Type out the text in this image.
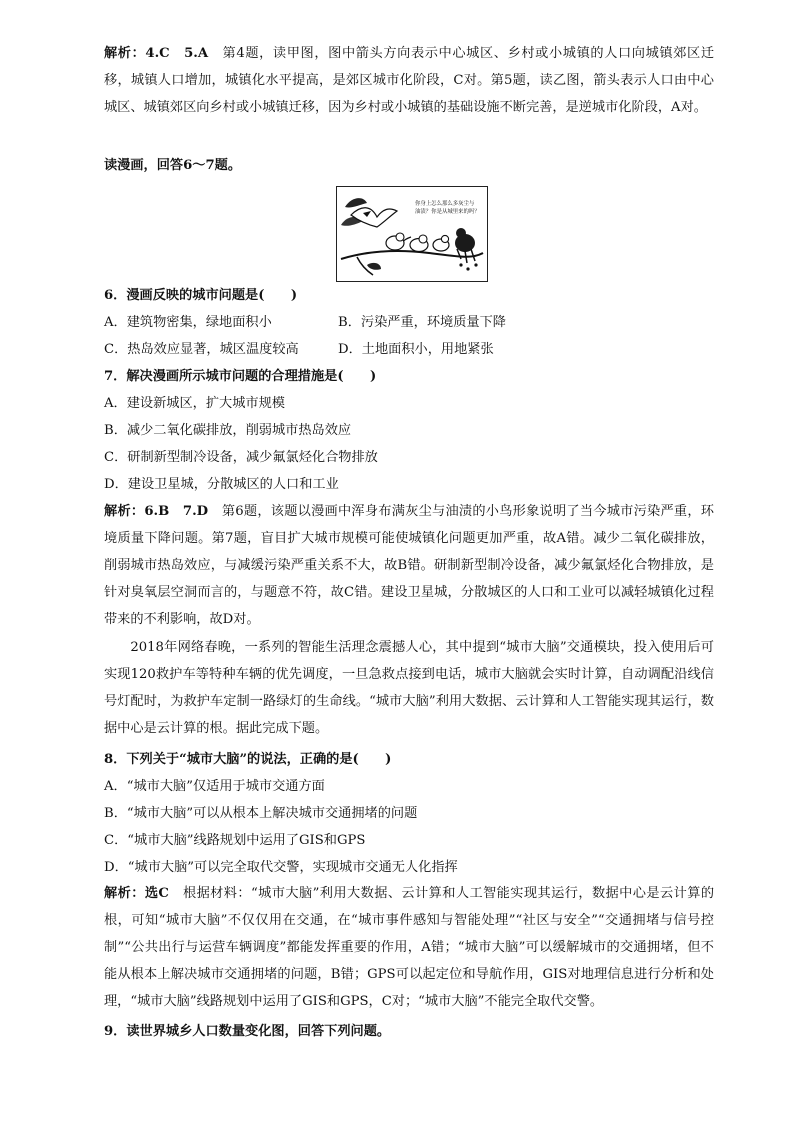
解析：4.C　5.A　第4题，读甲图，图中箭头方向表示中心城区、乡村或小城镇的人口向城镇郊区迁移，城镇人口增加，城镇化水平提高，是郊区城市化阶段，C对。第5题，读乙图，箭头表示人口由中心城区、城镇郊区向乡村或小城镇迁移，因为乡村或小城镇的基础设施不断完善，是逆城市化阶段，A对。

读漫画，回答6～7题。

你身上怎么那么多灰尘与
油渍？你是从城里来的吗？

6．漫画反映的城市问题是(　　)

A．建筑物密集，绿地面积小	B．污染严重，环境质量下降

C．热岛效应显著，城区温度较高	D．土地面积小，用地紧张

7．解决漫画所示城市问题的合理措施是(　　)

A．建设新城区，扩大城市规模

B．减少二氧化碳排放，削弱城市热岛效应

C．研制新型制冷设备，减少氟氯烃化合物排放

D．建设卫星城，分散城区的人口和工业

解析：6.B　7.D　第6题，该题以漫画中浑身布满灰尘与油渍的小鸟形象说明了当今城市污染严重，环境质量下降问题。第7题，盲目扩大城市规模可能使城镇化问题更加严重，故A错。减少二氧化碳排放，削弱城市热岛效应，与减缓污染严重关系不大，故B错。研制新型制冷设备，减少氟氯烃化合物排放，是针对臭氧层空洞而言的，与题意不符，故C错。建设卫星城，分散城区的人口和工业可以减轻城镇化过程带来的不利影响，故D对。

2018年网络春晚，一系列的智能生活理念震撼人心，其中提到“城市大脑”交通模块，投入使用后可实现120救护车等特种车辆的优先调度，一旦急救点接到电话，城市大脑就会实时计算，自动调配沿线信号灯配时，为救护车定制一路绿灯的生命线。“城市大脑”利用大数据、云计算和人工智能实现其运行，数据中心是云计算的根。据此完成下题。

8．下列关于“城市大脑”的说法，正确的是(　　)

A．“城市大脑”仅适用于城市交通方面

B．“城市大脑”可以从根本上解决城市交通拥堵的问题

C．“城市大脑”线路规划中运用了GIS和GPS

D．“城市大脑”可以完全取代交警，实现城市交通无人化指挥

解析：选C　根据材料：“城市大脑”利用大数据、云计算和人工智能实现其运行，数据中心是云计算的根，可知“城市大脑”不仅仅用在交通，在“城市事件感知与智能处理”“社区与安全”“交通拥堵与信号控制”“公共出行与运营车辆调度”都能发挥重要的作用，A错；“城市大脑”可以缓解城市的交通拥堵，但不能从根本上解决城市交通拥堵的问题，B错；GPS可以起定位和导航作用，GIS对地理信息进行分析和处理，“城市大脑”线路规划中运用了GIS和GPS，C对；“城市大脑”不能完全取代交警。

9．读世界城乡人口数量变化图，回答下列问题。
